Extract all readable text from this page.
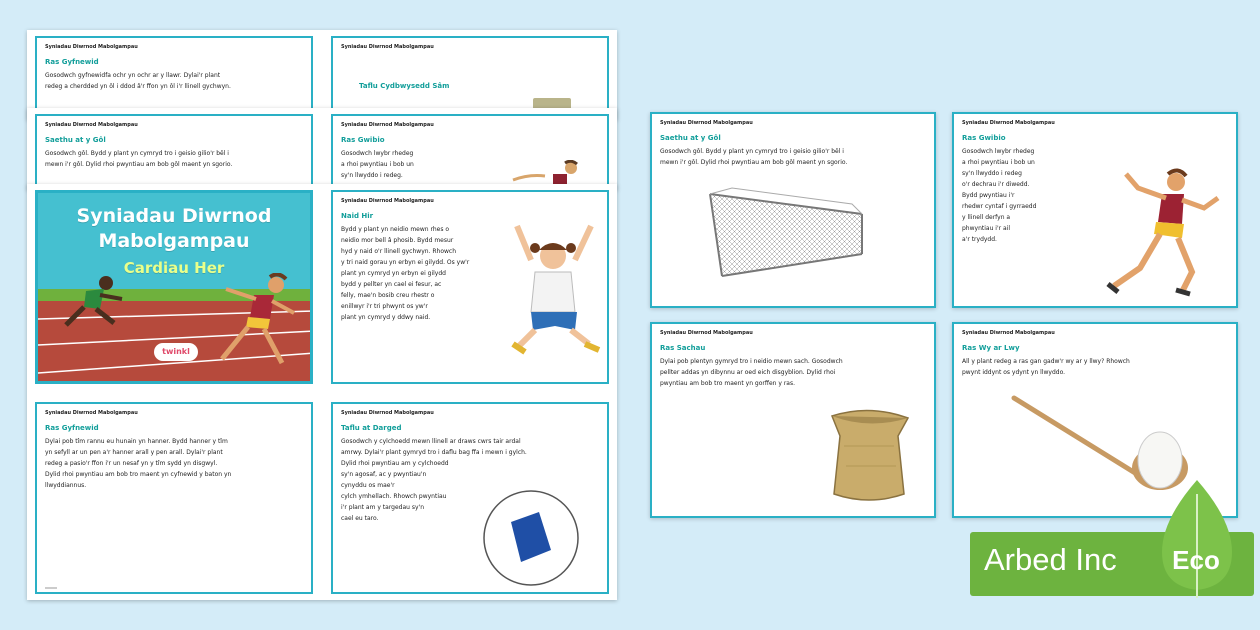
Syniadau Diwrnod Mabolgampau
Ras Gyfnewid
Gosodwch gyfnewidfa ochr yn ochr ar y llawr. Dylai'r plant
redeg a cherdded yn ôl i ddod â'r ffon yn ôl i'r llinell gychwyn.
Syniadau Diwrnod Mabolgampau
Taflu Cydbwysedd Sâm
Syniadau Diwrnod Mabolgampau
Saethu at y Gôl
Gosodwch gôl. Bydd y plant yn cymryd tro i geisio gilio'r bêl i
mewn i'r gôl. Dylid rhoi pwyntiau am bob gôl maent yn sgorio.
Syniadau Diwrnod Mabolgampau
Ras Gwibio
Gosodwch lwybr rhedeg
a rhoi pwyntiau i bob un
sy'n llwyddo i redeg.
Syniadau Diwrnod
Mabolgampau
Cardiau Her
twinkl
Syniadau Diwrnod Mabolgampau
Naid Hir
Bydd y plant yn neidio mewn rhes o
neidio mor bell â phosib. Bydd mesur
hyd y naid o'r llinell gychwyn. Rhowch
y tri naid gorau yn erbyn ei gilydd. Os yw'r
plant yn cymryd yn erbyn ei gilydd
bydd y pellter yn cael ei fesur, ac
felly, mae'n bosib creu rhestr o
enillwyr i'r tri phwynt os yw'r
plant yn cymryd y ddwy naid.
Syniadau Diwrnod Mabolgampau
Ras Gyfnewid
Dylai pob tîm rannu eu hunain yn hanner. Bydd hanner y tîm
yn sefyll ar un pen a'r hanner arall y pen arall. Dylai'r plant
redeg a pasio'r ffon i'r un nesaf yn y tîm sydd yn disgwyl.
Dylid rhoi pwyntiau am bob tro maent yn cyfnewid y baton yn
llwyddiannus.
Syniadau Diwrnod Mabolgampau
Taflu at Darged
Gosodwch y cylchoedd mewn llinell ar draws cwrs tair ardal
amrwy. Dylai'r plant gymryd tro i daflu bag ffa i mewn i gylch.
Dylid rhoi pwyntiau am y cylchoedd
sy'n agosaf, ac y pwyntiau'n
cynyddu os mae'r
cylch ymhellach. Rhowch pwyntiau
i'r plant am y targedau sy'n
cael eu taro.
Syniadau Diwrnod Mabolgampau
Saethu at y Gôl
Gosodwch gôl. Bydd y plant yn cymryd tro i geisio gilio'r bêl i
mewn i'r gôl. Dylid rhoi pwyntiau am bob gôl maent yn sgorio.
Syniadau Diwrnod Mabolgampau
Ras Gwibio
Gosodwch lwybr rhedeg
a rhoi pwyntiau i bob un
sy'n llwyddo i redeg
o'r dechrau i'r diwedd.
Bydd pwyntiau i'r
rhedwr cyntaf i gyrraedd
y llinell derfyn a
phwyntiau i'r ail
a'r trydydd.
Syniadau Diwrnod Mabolgampau
Ras Sachau
Dylai pob plentyn gymryd tro i neidio mewn sach. Gosodwch
pellter addas yn dibynnu ar oed eich disgyblion. Dylid rhoi
pwyntiau am bob tro maent yn gorffen y ras.
Syniadau Diwrnod Mabolgampau
Ras Wy ar Lwy
All y plant redeg a ras gan gadw'r wy ar y llwy? Rhowch
pwynt iddynt os ydynt yn llwyddo.
Arbed Inc	Eco
